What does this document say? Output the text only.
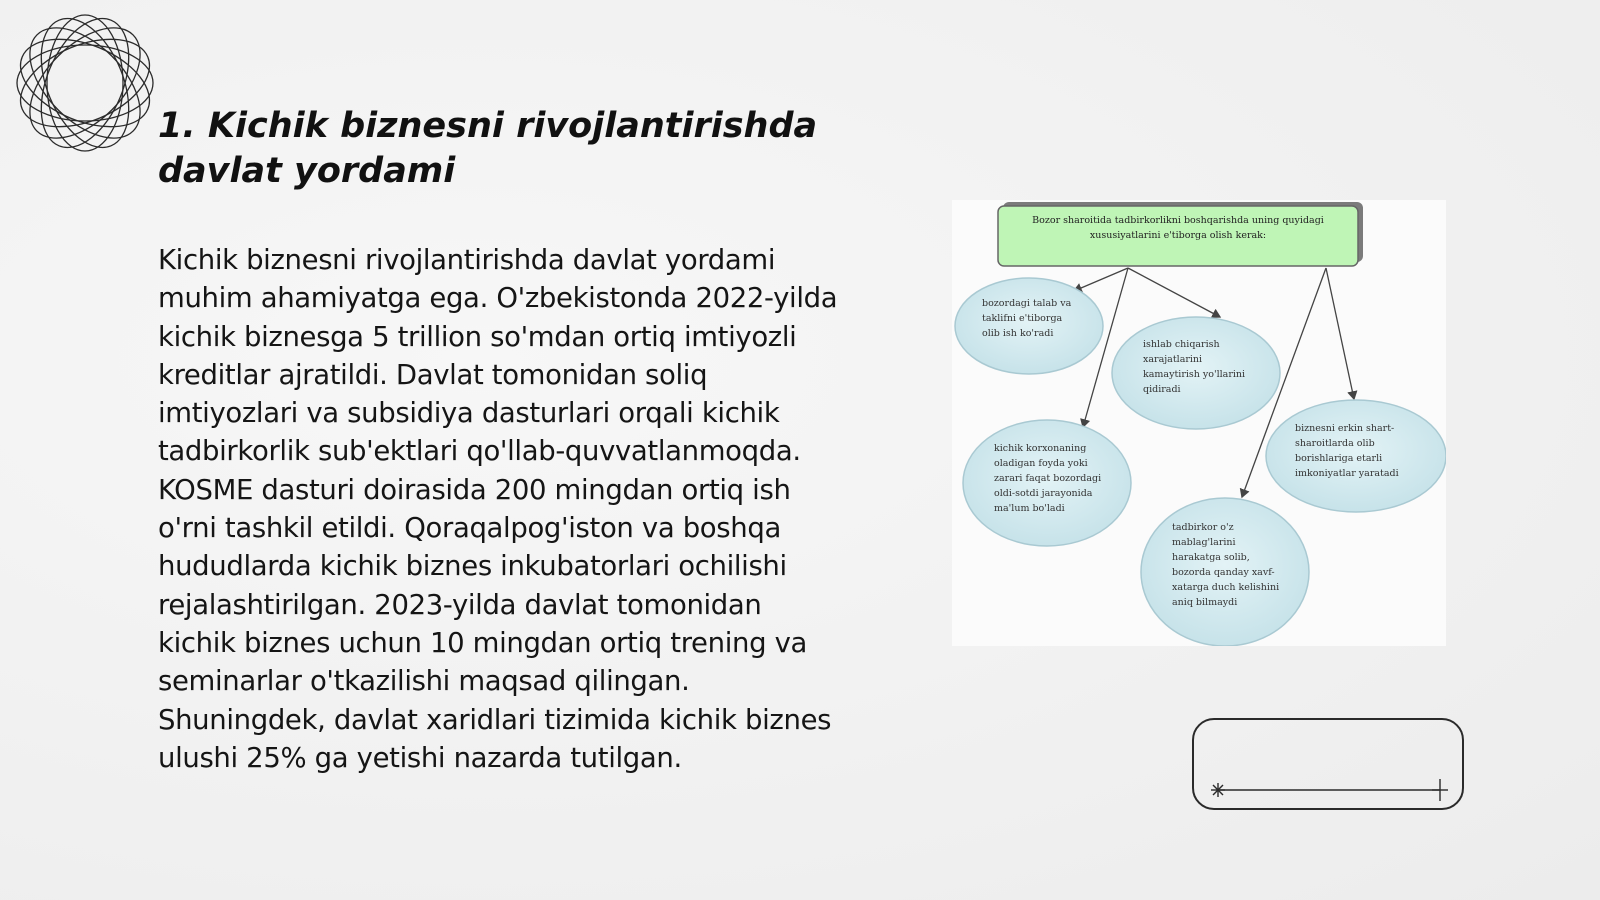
1. Kichik biznesni rivojlantirishda
davlat yordami

Kichik biznesni rivojlantirishda davlat yordami muhim ahamiyatga ega. O'zbekistonda 2022-yilda kichik biznesga 5 trillion so'mdan ortiq imtiyozli kreditlar ajratildi. Davlat tomonidan soliq imtiyozlari va subsidiya dasturlari orqali kichik tadbirkorlik sub'ektlari qo'llab-quvvatlanmoqda. KOSME dasturi doirasida 200 mingdan ortiq ish o'rni tashkil etildi. Qoraqalpog'iston va boshqa hududlarda kichik biznes inkubatorlari ochilishi rejalashtirilgan. 2023-yilda davlat tomonidan kichik biznes uchun 10 mingdan ortiq trening va seminarlar o'tkazilishi maqsad qilingan. Shuningdek, davlat xaridlari tizimida kichik biznes ulushi 25% ga yetishi nazarda tutilgan.

Bozor sharoitida tadbirkorlikni boshqarishda uning quyidagi
xususiyatlarini e'tiborga olish kerak:
bozordagi talab va
taklifni e'tiborga
olib ish ko'radi
ishlab chiqarish
xarajatlarini
kamaytirish yo'llarini
qidiradi
kichik korxonaning
oladigan foyda yoki
zarari faqat bozordagi
oldi-sotdi jarayonida
ma'lum bo'ladi
biznesni erkin shart-
sharoitlarda olib
borishlariga etarli
imkoniyatlar yaratadi
tadbirkor o'z
mablag'larini
harakatga solib,
bozorda qanday xavf-
xatarga duch kelishini
aniq bilmaydi
